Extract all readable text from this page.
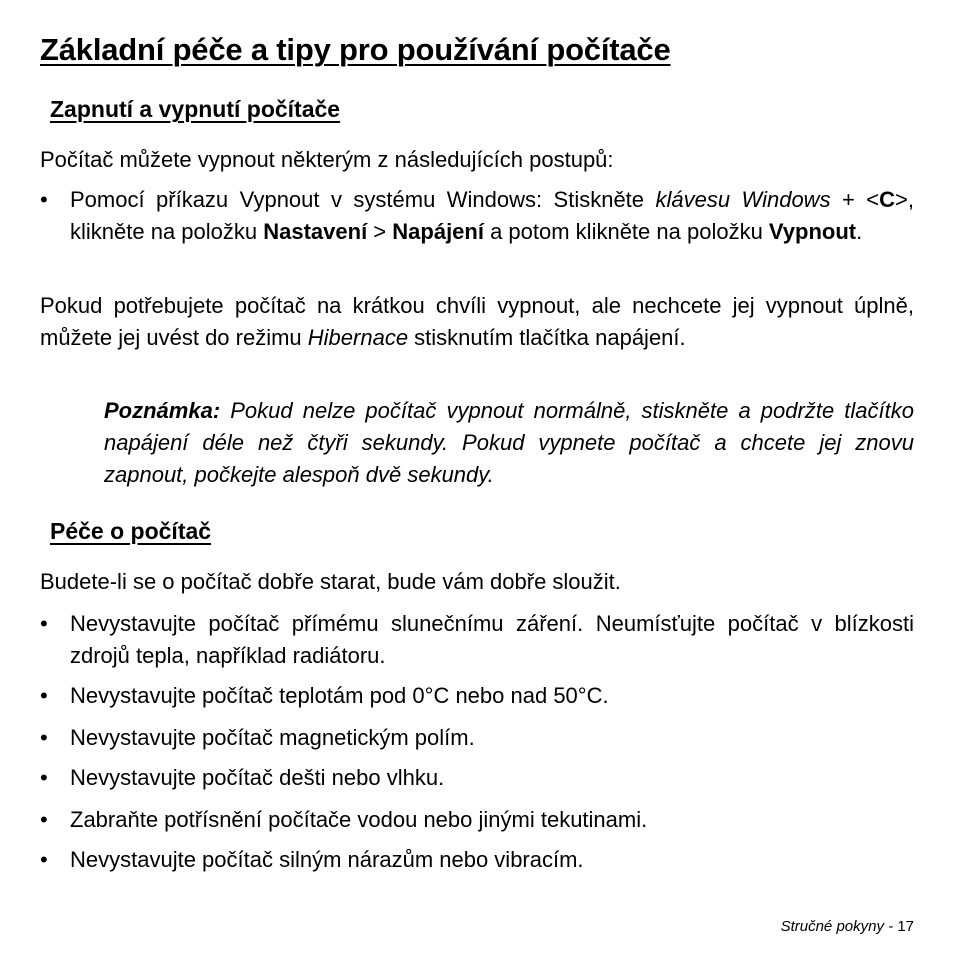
Základní péče a tipy pro používání počítače
Zapnutí a vypnutí počítače

Počítač můžete vypnout některým z následujících postupů:

•	Pomocí příkazu Vypnout v systému Windows: Stiskněte klávesu Windows + <C>, klikněte na položku Nastavení > Napájení a potom klikněte na položku Vypnout.

Pokud potřebujete počítač na krátkou chvíli vypnout, ale nechcete jej vypnout úplně, můžete jej uvést do režimu Hibernace stisknutím tlačítka napájení.

Poznámka: Pokud nelze počítač vypnout normálně, stiskněte a podržte tlačítko napájení déle než čtyři sekundy. Pokud vypnete počítač a chcete jej znovu zapnout, počkejte alespoň dvě sekundy.

Péče o počítač

Budete-li se o počítač dobře starat, bude vám dobře sloužit.

•	Nevystavujte počítač přímému slunečnímu záření. Neumísťujte počítač v blízkosti zdrojů tepla, například radiátoru.
•	Nevystavujte počítač teplotám pod 0°C nebo nad 50°C.
•	Nevystavujte počítač magnetickým polím.
•	Nevystavujte počítač dešti nebo vlhku.
•	Zabraňte potřísnění počítače vodou nebo jinými tekutinami.
•	Nevystavujte počítač silným nárazům nebo vibracím.
Stručné pokyny - 17
